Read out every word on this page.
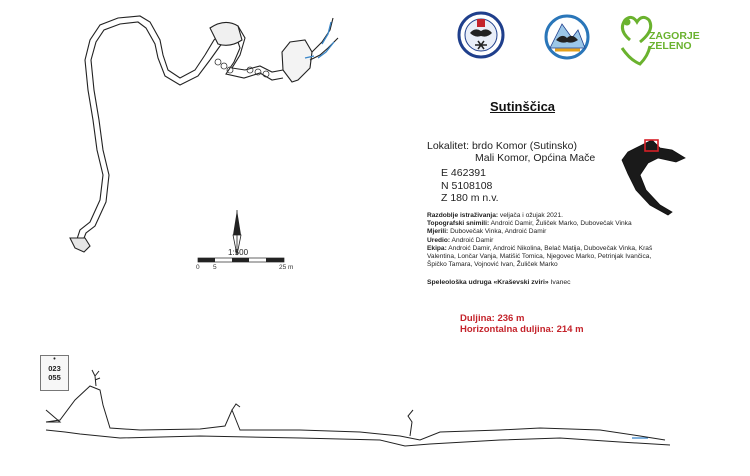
0 5	25 m
1:500
ZAGORJE
ZELENO
Sutinščica
Lokalitet: brdo Komor (Sutinsko)
Mali Komor, Općina Mače
E 462391
N 5108108
Z 180 m n.v.
Razdoblje istraživanja: veljača i ožujak 2021.
Topografski snimili: Androić Damir, Žuliček Marko, Dubovečak Vinka
Mjerili: Dubovečak Vinka, Androić Damir
Uredio: Androić Damir
Ekipa: Androić Damir, Androić Nikolina, Belač Matija, Dubovečak Vinka, Kraš Valentina, Lončar Vanja, Matišić Tomica, Njegovec Marko, Petrinjak Ivančica, Špičko Tamara, Vojnović Ivan, Žuliček Marko
Speleološka udruga «Kraševski zviri» Ivanec
Duljina: 236 m
Horizontalna duljina: 214 m
•
023
055
